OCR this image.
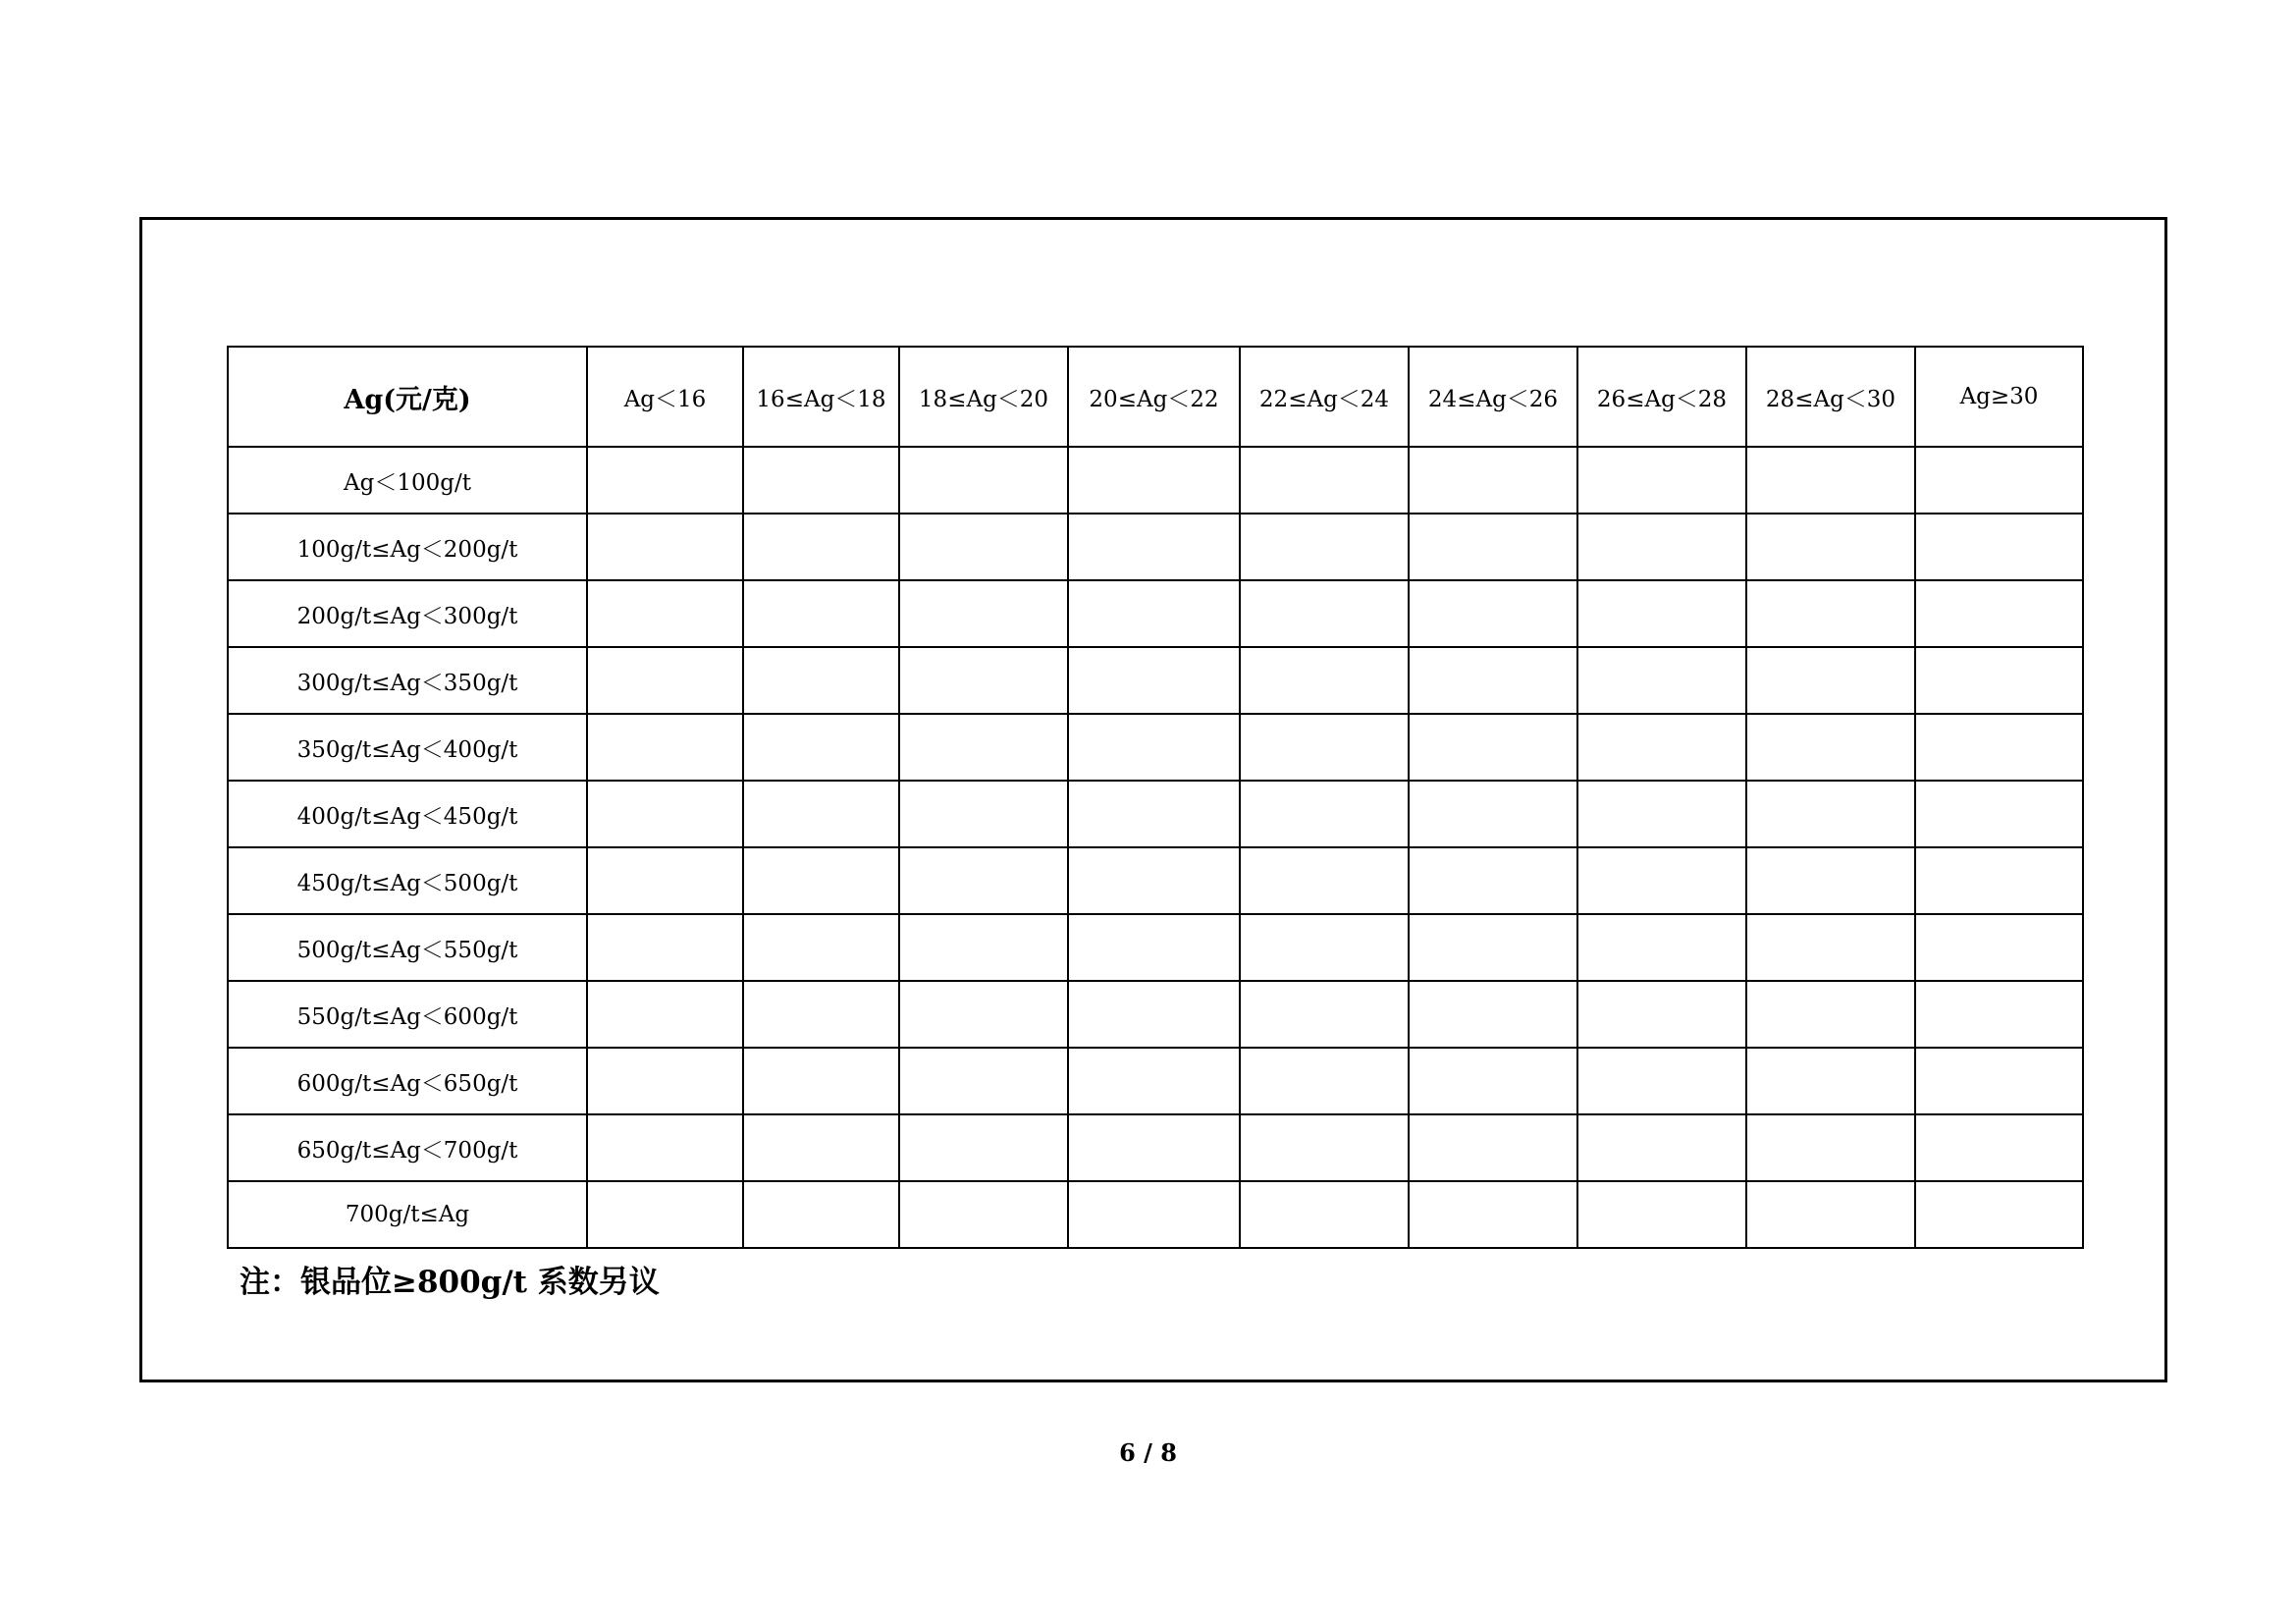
Ag(元/克)	Ag＜16	16≤Ag＜18	18≤Ag＜20	20≤Ag＜22	22≤Ag＜24	24≤Ag＜26	26≤Ag＜28	28≤Ag＜30	Ag≥30
Ag＜100g/t									
100g/t≤Ag＜200g/t									
200g/t≤Ag＜300g/t									
300g/t≤Ag＜350g/t									
350g/t≤Ag＜400g/t									
400g/t≤Ag＜450g/t									
450g/t≤Ag＜500g/t									
500g/t≤Ag＜550g/t									
550g/t≤Ag＜600g/t									
600g/t≤Ag＜650g/t									
650g/t≤Ag＜700g/t									
700g/t≤Ag									
注：银品位≥800g/t 系数另议
6 / 8
